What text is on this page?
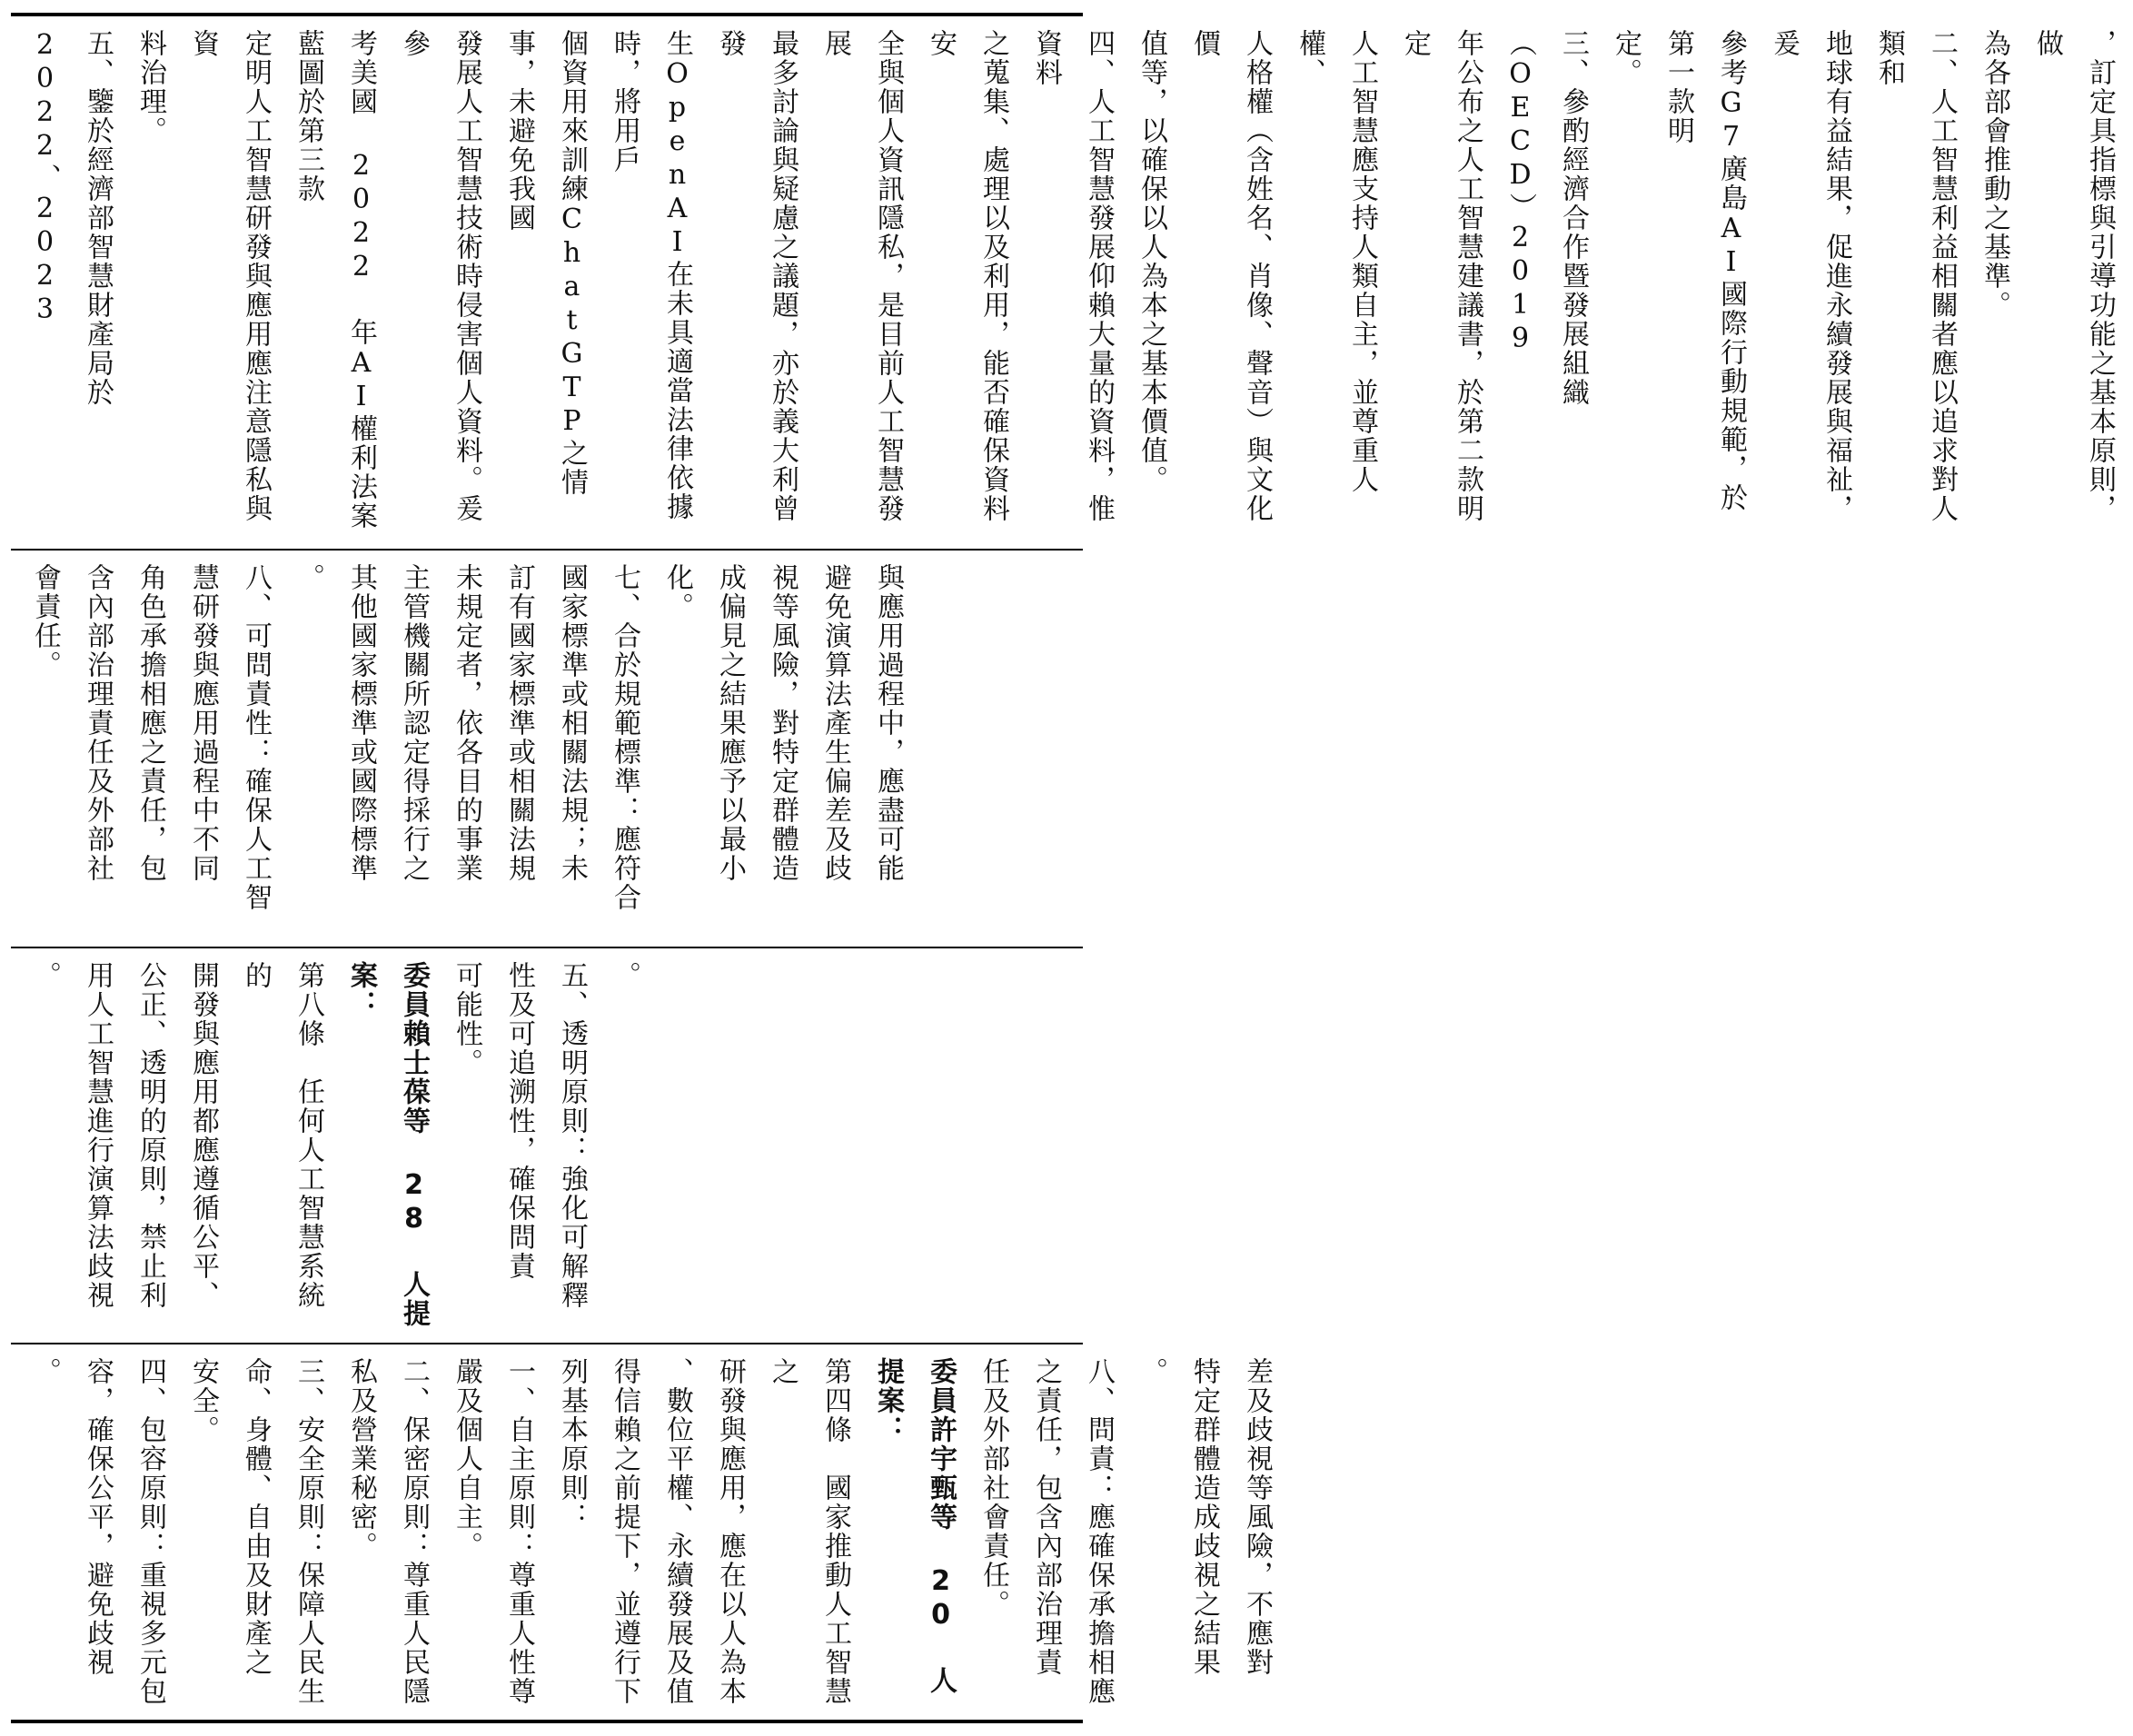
，訂定具指標與引導功能之基本原則，做
為各部會推動之基準。
二、人工智慧利益相關者應以追求對人類和
地球有益結果，促進永續發展與福祉，爰
參考G7廣島AI國際行動規範，於第一款明
定。
三、參酌經濟合作暨發展組織（OECD）2019
年公布之人工智慧建議書，於第二款明定
人工智慧應支持人類自主，並尊重人權、
人格權（含姓名、肖像、聲音）與文化價
值等，以確保以人為本之基本價值。
四、人工智慧發展仰賴大量的資料，惟資料
之蒐集、處理以及利用，能否確保資料安
全與個人資訊隱私，是目前人工智慧發展
最多討論與疑慮之議題，亦於義大利曾發
生OpenAI在未具適當法律依據時，將用戶
個資用來訓練ChatGTP之情事，未避免我國
發展人工智慧技術時侵害個人資料。爰參
考美國 2022 年AI權利法案藍圖於第三款
定明人工智慧研發與應用應注意隱私與資
料治理。
五、鑒於經濟部智慧財產局於 2022、2023
與應用過程中，應盡可能
避免演算法產生偏差及歧
視等風險，對特定群體造
成偏見之結果應予以最小
化。
七、合於規範標準：應符合
國家標準或相關法規；未
訂有國家標準或相關法規
未規定者，依各目的事業
主管機關所認定得採行之
其他國家標準或國際標準
。
八、可問責性：確保人工智
慧研發與應用過程中不同
角色承擔相應之責任，包
含內部治理責任及外部社
會責任。
。
五、透明原則：強化可解釋
性及可追溯性，確保問責
可能性。
委員賴士葆等 28 人提案：
第八條　任何人工智慧系統的
開發與應用都應遵循公平、
公正、透明的原則，禁止利
用人工智慧進行演算法歧視
。
差及歧視等風險，不應對
特定群體造成歧視之結果
。
八、問責：應確保承擔相應
之責任，包含內部治理責
任及外部社會責任。
委員許宇甄等 20 人提案：
第四條　國家推動人工智慧之
研發與應用，應在以人為本
、數位平權、永續發展及值
得信賴之前提下，並遵行下
列基本原則：
一、自主原則：尊重人性尊
嚴及個人自主。
二、保密原則：尊重人民隱
私及營業秘密。
三、安全原則：保障人民生
命、身體、自由及財產之
安全。
四、包容原則：重視多元包
容，確保公平，避免歧視
。
